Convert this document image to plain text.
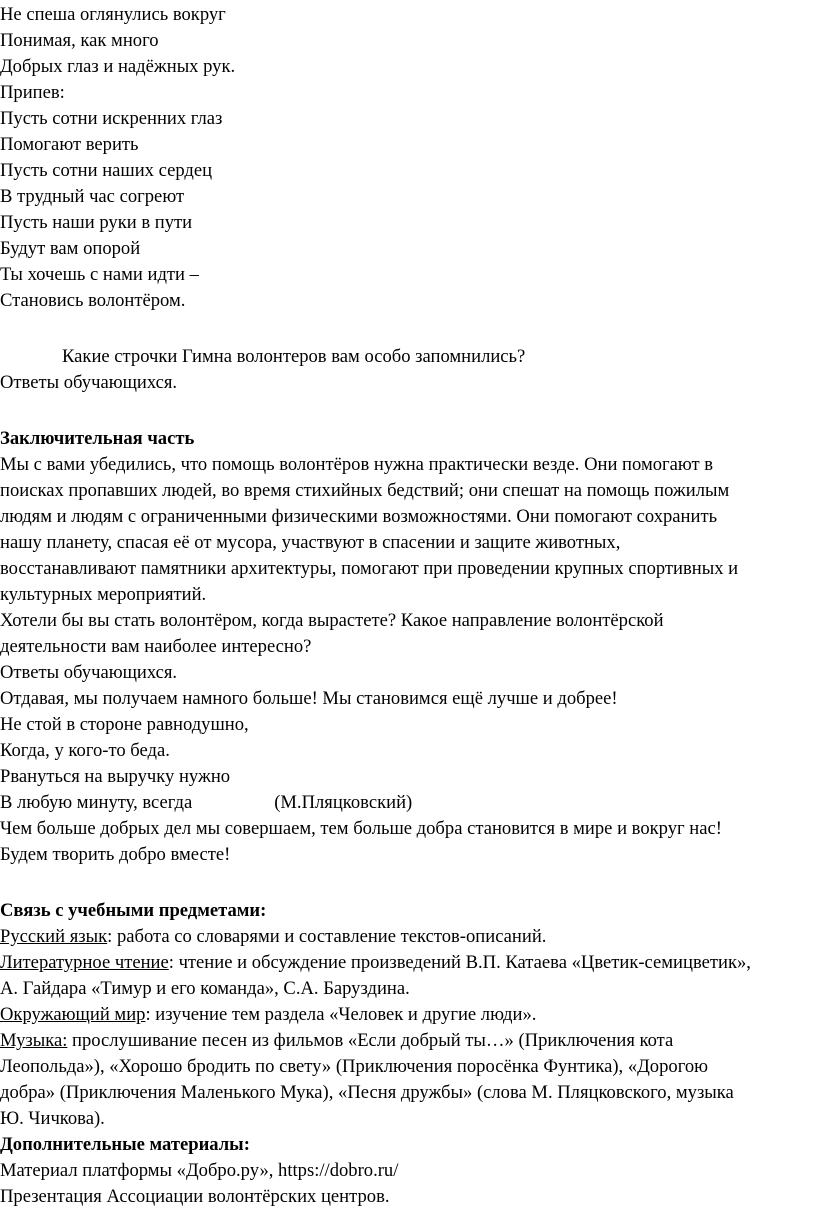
Не спеша оглянулись вокруг
Понимая, как много
Добрых глаз и надёжных рук.
Припев:
Пусть сотни искренних глаз
Помогают верить
Пусть сотни наших сердец
В трудный час согреют
Пусть наши руки в пути
Будут вам опорой
Ты хочешь с нами идти –
Становись волонтёром.
Какие строчки Гимна волонтеров вам особо запомнились?
Ответы обучающихся.
Заключительная часть
Мы с вами убедились, что помощь волонтёров нужна практически везде. Они помогают в
поисках пропавших людей, во время стихийных бедствий; они спешат на помощь пожилым
людям и людям с ограниченными физическими возможностями. Они помогают сохранить
нашу планету, спасая её от мусора, участвуют в спасении и защите животных,
восстанавливают памятники архитектуры, помогают при проведении крупных спортивных и
культурных мероприятий.
Хотели бы вы стать волонтёром, когда вырастете? Какое направление волонтёрской
деятельности вам наиболее интересно?
Ответы обучающихся.
Отдавая, мы получаем намного больше! Мы становимся ещё лучше и добрее!
Не стой в стороне равнодушно,
Когда, у кого-то беда.
Рвануться на выручку нужно
В любую минуту, всегда	(М.Пляцковский)
Чем больше добрых дел мы совершаем, тем больше добра становится в мире и вокруг нас!
Будем творить добро вместе!
Связь с учебными предметами:
Русский язык: работа со словарями и составление текстов-описаний.
Литературное чтение: чтение и обсуждение произведений В.П. Катаева «Цветик-семицветик»,
А. Гайдара «Тимур и его команда», С.А. Баруздина.
Окружающий мир: изучение тем раздела «Человек и другие люди».
Музыка: прослушивание песен из фильмов «Если добрый ты…» (Приключения кота
Леопольда»), «Хорошо бродить по свету» (Приключения поросёнка Фунтика), «Дорогою
добра» (Приключения Маленького Мука), «Песня дружбы» (слова М. Пляцковского, музыка
Ю. Чичкова).
Дополнительные материалы:
Материал платформы «Добро.ру», https://dobro.ru/
Презентация Ассоциации волонтёрских центров.
